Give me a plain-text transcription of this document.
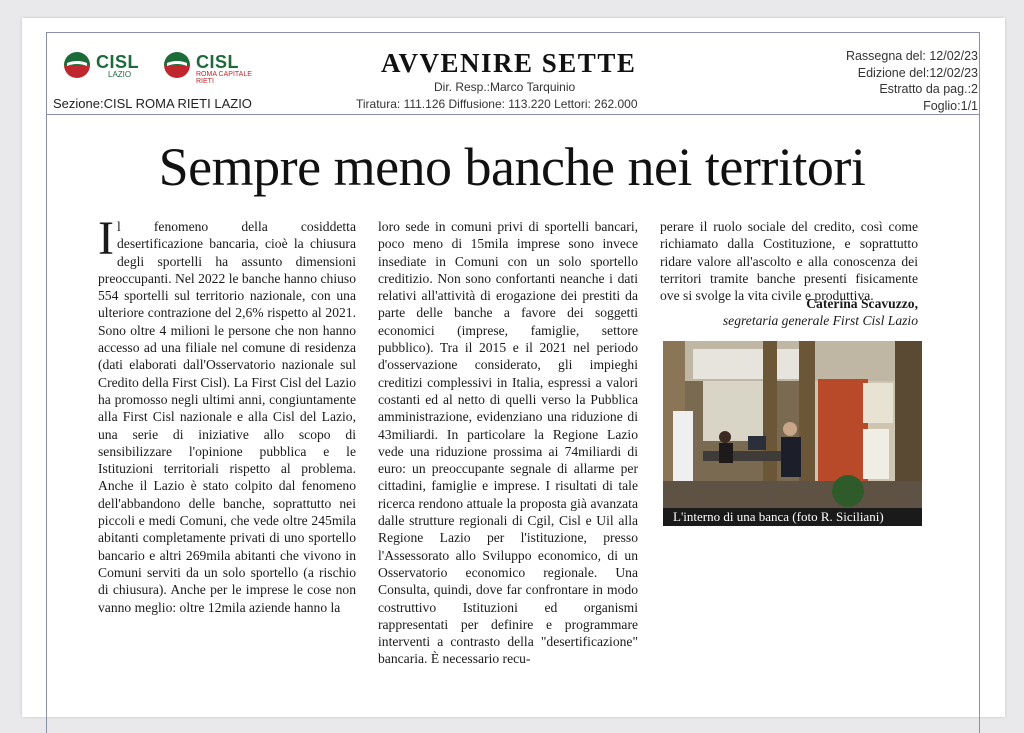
CISL
LAZIO
CISL
ROMA CAPITALE RIETI
Sezione:CISL ROMA RIETI LAZIO
AVVENIRE SETTE
Dir. Resp.:Marco Tarquinio
Tiratura: 111.126 Diffusione: 113.220 Lettori: 262.000
Rassegna del: 12/02/23
Edizione del:12/02/23
Estratto da pag.:2
Foglio:1/1
Sempre meno banche nei territori
Il fenomeno della cosiddetta desertificazione bancaria, cioè la chiusura degli sportelli ha assunto dimensioni preoccupanti. Nel 2022 le banche hanno chiuso 554 sportelli sul territorio nazionale, con una ulteriore contrazione del 2,6% rispetto al 2021. Sono oltre 4 milioni le persone che non hanno accesso ad una filiale nel comune di residenza (dati elaborati dall'Osservatorio nazionale sul Credito della First Cisl). La First Cisl del Lazio ha promosso negli ultimi anni, congiuntamente alla First Cisl nazionale e alla Cisl del Lazio, una serie di iniziative allo scopo di sensibilizzare l'opinione pubblica e le Istituzioni territoriali rispetto al problema. Anche il Lazio è stato colpito dal fenomeno dell'abbandono delle banche, soprattutto nei piccoli e medi Comuni, che vede oltre 245mila abitanti completamente privati di uno sportello bancario e altri 269mila abitanti che vivono in Comuni serviti da un solo sportello (a rischio di chiusura). Anche per le imprese le cose non vanno meglio: oltre 12mila aziende hanno la

loro sede in comuni privi di sportelli bancari, poco meno di 15mila imprese sono invece insediate in Comuni con un solo sportello creditizio. Non sono confortanti neanche i dati relativi all'attività di erogazione dei prestiti da parte delle banche a favore dei soggetti economici (imprese, famiglie, settore pubblico). Tra il 2015 e il 2021 nel periodo d'osservazione considerato, gli impieghi creditizi complessivi in Italia, espressi a valori costanti ed al netto di quelli verso la Pubblica amministrazione, evidenziano una riduzione di 43miliardi. In particolare la Regione Lazio vede una riduzione prossima ai 74miliardi di euro: un preoccupante segnale di allarme per cittadini, famiglie e imprese. I risultati di tale ricerca rendono attuale la proposta già avanzata dalle strutture regionali di Cgil, Cisl e Uil alla Regione Lazio per l'istituzione, presso l'Assessorato allo Sviluppo economico, di un Osservatorio economico regionale. Una Consulta, quindi, dove far confrontare in modo costruttivo Istituzioni ed organismi rappresentati per definire e programmare interventi a contrasto della "desertificazione" bancaria. È necessario recu-

perare il ruolo sociale del credito, così come richiamato dalla Costituzione, e soprattutto ridare valore all'ascolto e alla conoscenza dei territori tramite banche presenti fisicamente ove si svolge la vita civile e produttiva.

Caterina Scavuzzo,
segretaria generale First Cisl Lazio
L'interno di una banca (foto R. Siciliani)
